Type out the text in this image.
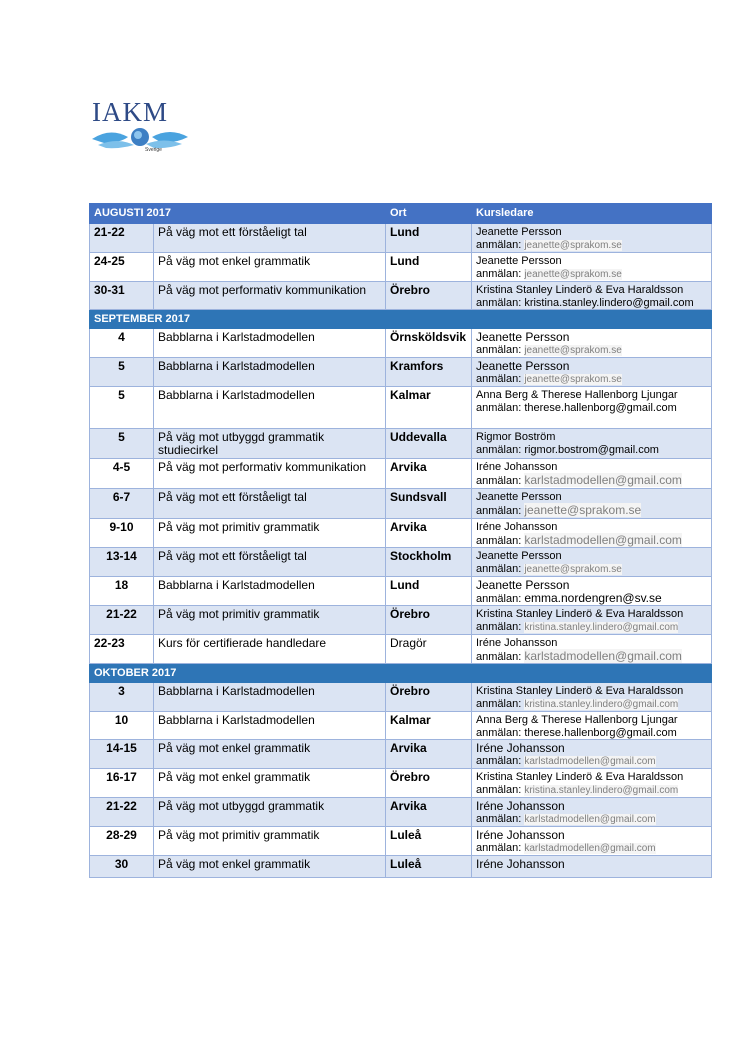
IAKM
Sverige
AUGUSTI 2017		Ort	Kursledare
21-22	På väg mot ett förståeligt tal	Lund	Jeanette Persson
anmälan: jeanette@sprakom.se

24-25	På väg mot enkel grammatik	Lund	Jeanette Persson
anmälan: jeanette@sprakom.se

30-31	På väg mot performativ kommunikation	Örebro	Kristina Stanley Linderö & Eva Haraldsson
anmälan: kristina.stanley.lindero@gmail.com

SEPTEMBER 2017			
4	Babblarna i Karlstadmodellen	Örnsköldsvik	Jeanette Persson
anmälan: jeanette@sprakom.se

5	Babblarna i Karlstadmodellen	Kramfors	Jeanette Persson
anmälan: jeanette@sprakom.se

5	Babblarna i Karlstadmodellen	Kalmar	Anna Berg & Therese Hallenborg Ljungar
anmälan: therese.hallenborg@gmail.com

5	På väg mot utbyggd grammatik studiecirkel	Uddevalla	Rigmor Boström
anmälan: rigmor.bostrom@gmail.com

4-5	På väg mot performativ kommunikation	Arvika	Iréne Johansson
anmälan: karlstadmodellen@gmail.com

6-7	På väg mot ett förståeligt tal	Sundsvall	Jeanette Persson
anmälan: jeanette@sprakom.se

9-10	På väg mot primitiv grammatik	Arvika	Iréne Johansson
anmälan: karlstadmodellen@gmail.com

13-14	På väg mot ett förståeligt tal	Stockholm	Jeanette Persson
anmälan: jeanette@sprakom.se

18	Babblarna i Karlstadmodellen	Lund	Jeanette Persson
anmälan: emma.nordengren@sv.se

21-22	På väg mot primitiv grammatik	Örebro	Kristina Stanley Linderö & Eva Haraldsson
anmälan: kristina.stanley.lindero@gmail.com

22-23	Kurs för certifierade handledare	Dragör	Iréne Johansson
anmälan: karlstadmodellen@gmail.com

OKTOBER 2017			
3	Babblarna i Karlstadmodellen	Örebro	Kristina Stanley Linderö & Eva Haraldsson
anmälan: kristina.stanley.lindero@gmail.com

10	Babblarna i Karlstadmodellen	Kalmar	Anna Berg & Therese Hallenborg Ljungar
anmälan: therese.hallenborg@gmail.com

14-15	På väg mot enkel grammatik	Arvika	Iréne Johansson
anmälan: karlstadmodellen@gmail.com

16-17	På väg mot enkel grammatik	Örebro	Kristina Stanley Linderö & Eva Haraldsson
anmälan: kristina.stanley.lindero@gmail.com

21-22	På väg mot utbyggd grammatik	Arvika	Iréne Johansson
anmälan: karlstadmodellen@gmail.com

28-29	På väg mot primitiv grammatik	Luleå	Iréne Johansson
anmälan: karlstadmodellen@gmail.com

30	På väg mot enkel grammatik	Luleå	Iréne Johansson
